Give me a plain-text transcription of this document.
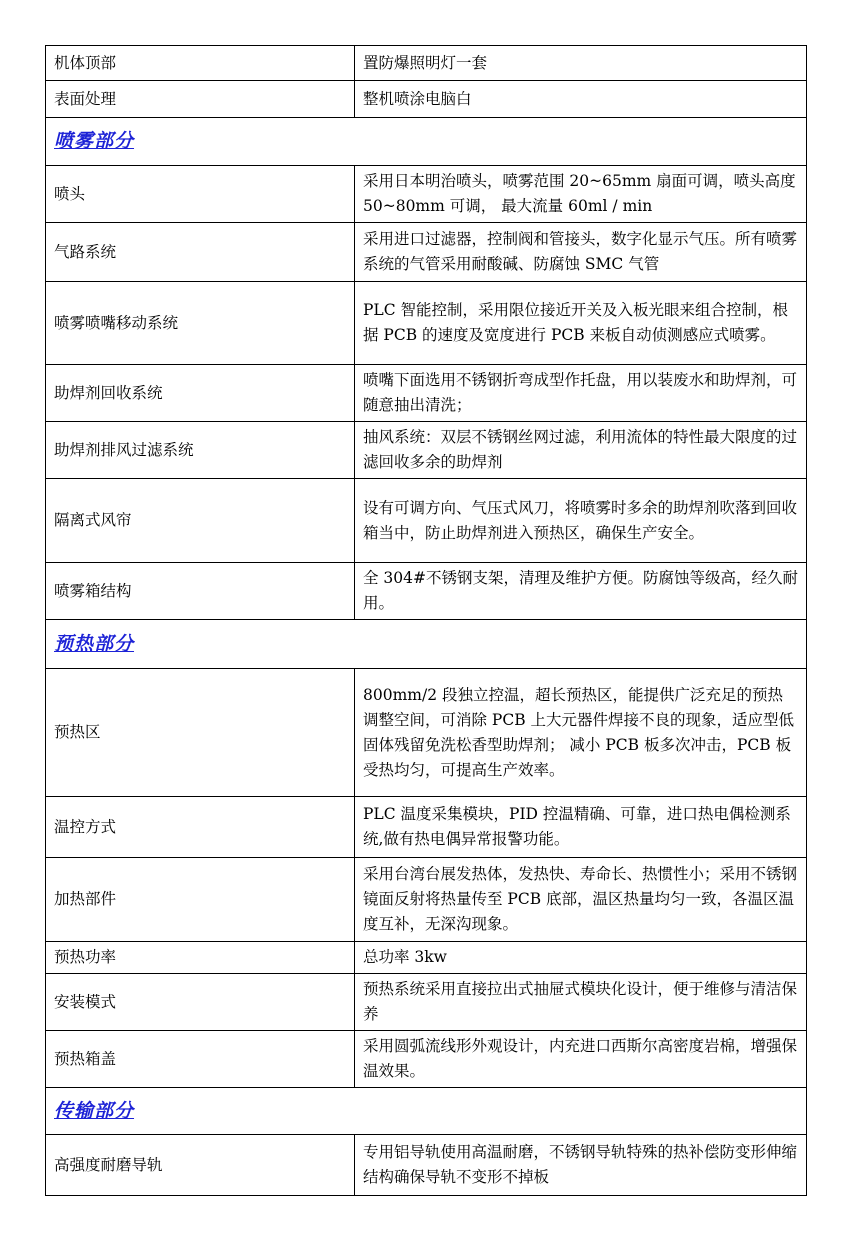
机体顶部	置防爆照明灯一套
表面处理	整机喷涂电脑白
喷雾部分	
喷头	采用日本明治喷头，喷雾范围 20~65mm 扇面可调，喷头高度 50~80mm 可调， 最大流量 60ml / min
气路系统	采用进口过滤器，控制阀和管接头，数字化显示气压。所有喷雾系统的气管采用耐酸碱、防腐蚀 SMC 气管
喷雾喷嘴移动系统	PLC 智能控制，采用限位接近开关及入板光眼来组合控制，根据 PCB 的速度及宽度进行 PCB 来板自动侦测感应式喷雾。
助焊剂回收系统	喷嘴下面选用不锈钢折弯成型作托盘，用以装废水和助焊剂，可随意抽出清洗；
助焊剂排风过滤系统	抽风系统：双层不锈钢丝网过滤，利用流体的特性最大限度的过滤回收多余的助焊剂
隔离式风帘	设有可调方向、气压式风刀，将喷雾时多余的助焊剂吹落到回收箱当中，防止助焊剂进入预热区，确保生产安全。
喷雾箱结构	全 304#不锈钢支架，清理及维护方便。防腐蚀等级高，经久耐用。
预热部分	
预热区	800mm/2 段独立控温，超长预热区，能提供广泛充足的预热调整空间，可消除 PCB 上大元器件焊接不良的现象，适应型低固体残留免洗松香型助焊剂； 减小 PCB 板多次冲击，PCB 板受热均匀，可提高生产效率。
温控方式	PLC 温度采集模块，PID 控温精确、可靠，进口热电偶检测系统,做有热电偶异常报警功能。
加热部件	采用台湾台展发热体，发热快、寿命长、热惯性小；采用不锈钢镜面反射将热量传至 PCB 底部，温区热量均匀一致，各温区温度互补，无深沟现象。
预热功率	总功率 3kw
安装模式	预热系统采用直接拉出式抽屉式模块化设计，便于维修与清洁保养
预热箱盖	采用圆弧流线形外观设计，内充进口西斯尔高密度岩棉，增强保温效果。
传输部分	
高强度耐磨导轨	专用铝导轨使用高温耐磨，不锈钢导轨特殊的热补偿防变形伸缩结构确保导轨不变形不掉板
